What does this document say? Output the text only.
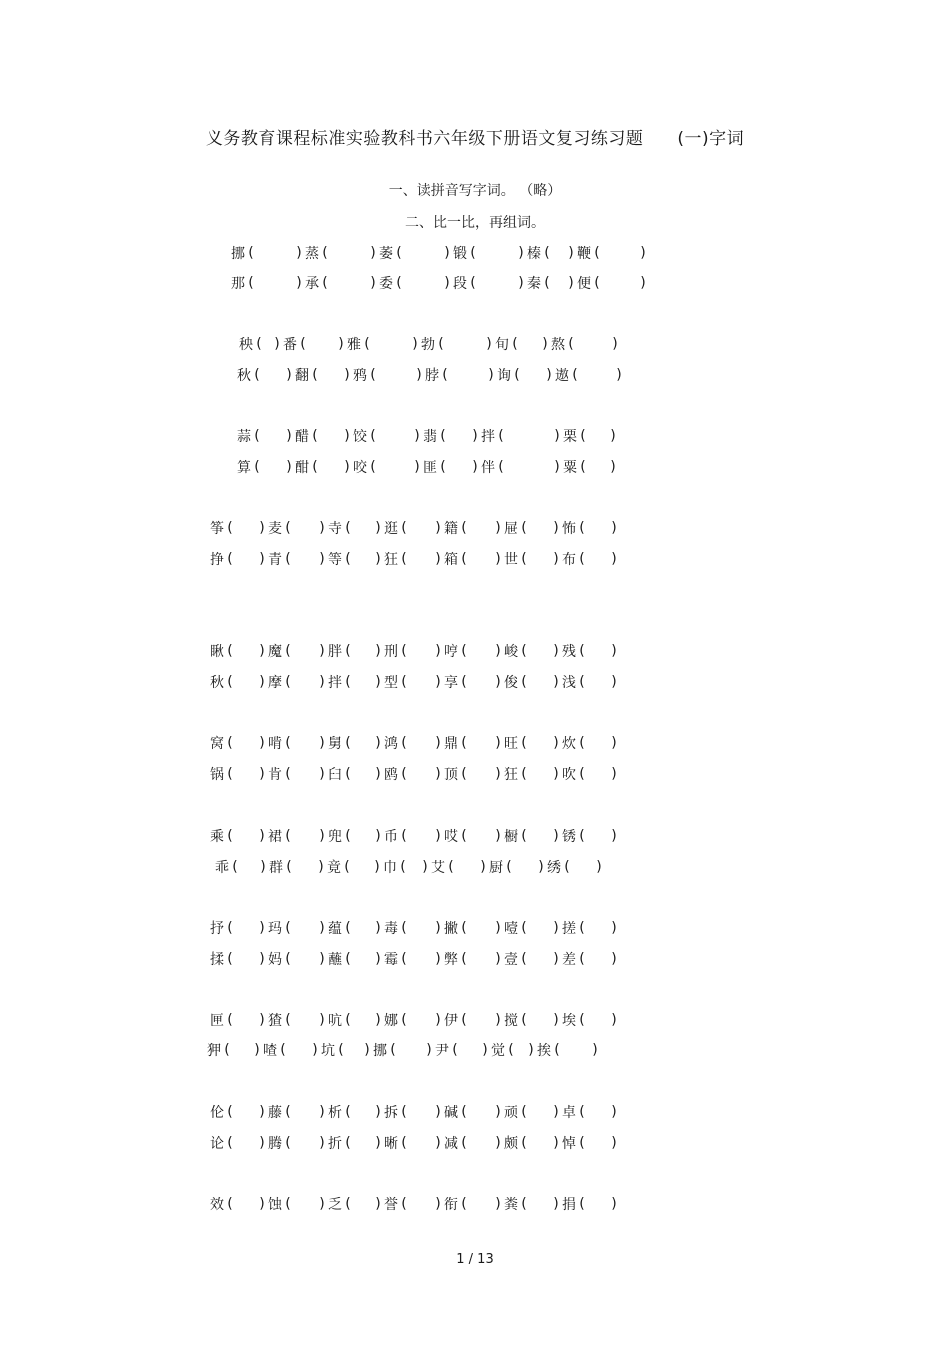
义务教育课程标准实验教科书六年级下册语文复习练习题 (一)字词
一、读拼音写字词。 （略）
二、比一比，再组词。
挪 (	) 蒸 (	) 萎 (	) 锻 (	) 榛 ( ) 鞭 (	)
那 (	) 承 (	) 委 (	) 段 (	) 秦 ( ) 便 (	)
秧 ( ) 番 ( ) 雅 (	) 勃 (	) 旬 ( ) 熬 (	)
秋 ( ) 翻 ( ) 鸦 (	) 脖 (	) 询 ( ) 遨 (	)
蒜 ( ) 醋 ( ) 饺 (	) 翡 ( ) 拌 (	) 栗 ( )
算 ( ) 酣 ( ) 咬 (	) 匪 ( ) 伴 (	) 粟 ( )
筝 ( ) 麦 ( ) 寺 ( ) 逛 ( ) 籍 ( ) 屉 ( ) 怖 ( )
挣 ( ) 青 ( ) 等 ( ) 狂 ( ) 箱 ( ) 世 ( ) 布 ( )
瞅 ( ) 魔 ( ) 胖 ( ) 刑 ( ) 哼 ( ) 峻 ( ) 残 ( )
秋 ( ) 摩 ( ) 拌 ( ) 型 ( ) 享 ( ) 俊 ( ) 浅 ( )
窝 ( ) 啃 ( ) 舅 ( ) 鸿 ( ) 鼎 ( ) 旺 ( ) 炊 ( )
锅 ( ) 肯 ( ) 臼 ( ) 鸥 ( ) 顶 ( ) 狂 ( ) 吹 ( )
乘 ( ) 裙 ( ) 兜 ( ) 币 ( ) 哎 ( ) 橱 ( ) 锈 ( )
乖 ( ) 群 ( ) 竟 ( ) 巾 ( ) 艾 ( ) 厨 ( ) 绣 ( )
抒 ( ) 玛 ( ) 蕴 ( ) 毒 ( ) 撇 ( ) 噎 ( ) 搓 ( )
揉 ( ) 妈 ( ) 蘸 ( ) 霉 ( ) 弊 ( ) 壹 ( ) 差 ( )
匣 ( ) 猹 ( ) 吭 ( ) 娜 ( ) 伊 ( ) 搅 ( ) 埃 ( )
狎 ( ) 喳 ( ) 坑 ( ) 挪 ( ) 尹 ( ) 觉 ( ) 挨 ( )
伦 ( ) 藤 ( ) 析 ( ) 拆 ( ) 碱 ( ) 顽 ( ) 卓 ( )
论 ( ) 腾 ( ) 折 ( ) 晰 ( ) 减 ( ) 颇 ( ) 悼 ( )
效 ( ) 蚀 ( ) 乏 ( ) 誉 ( ) 衔 ( ) 粪 ( ) 捐 ( )
1 / 13
